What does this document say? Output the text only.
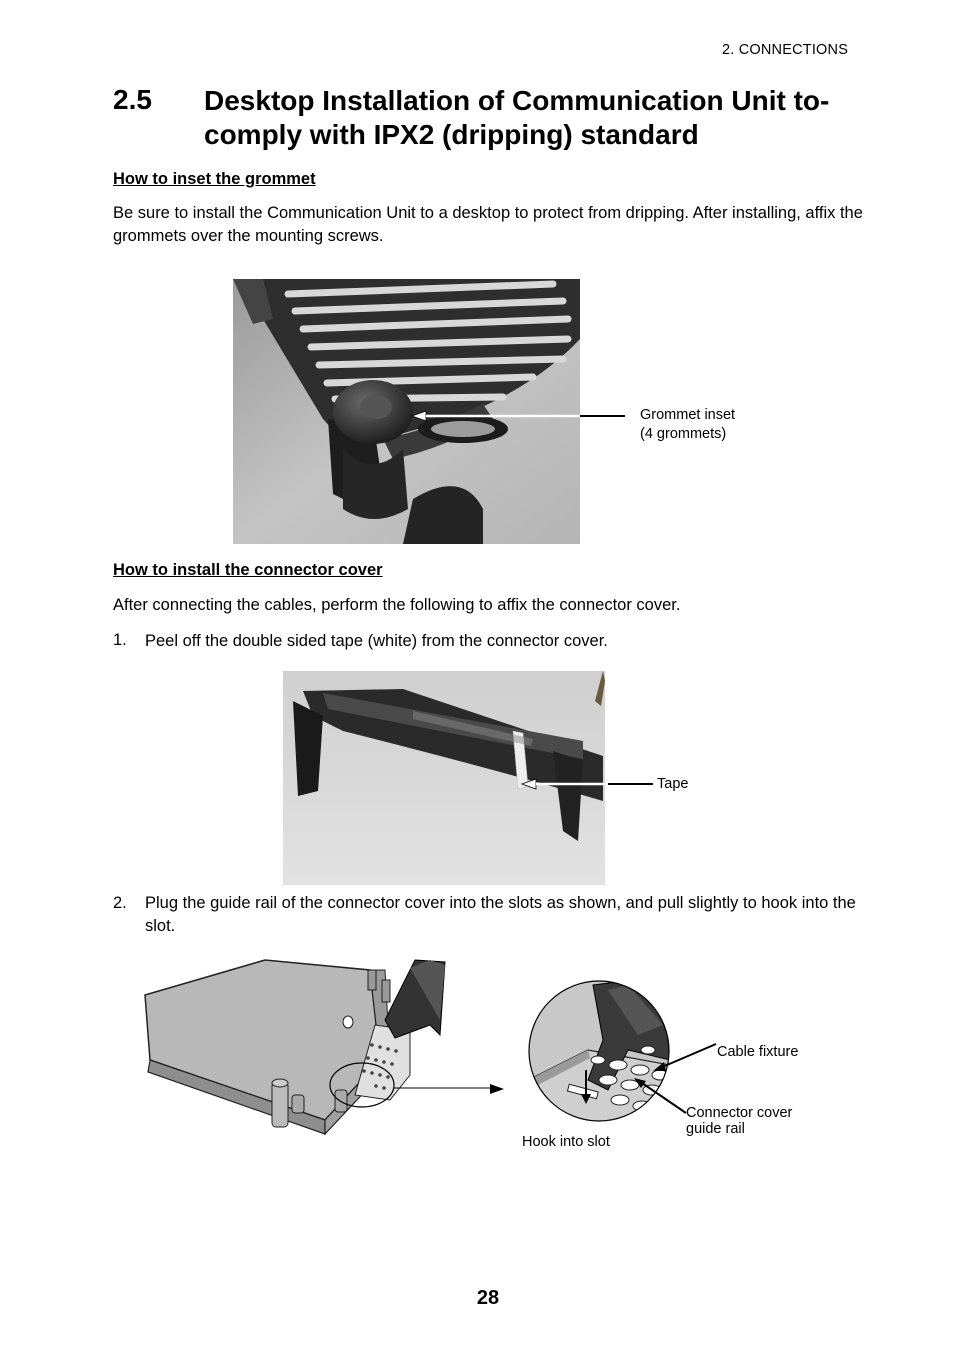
2. CONNECTIONS
2.5 Desktop Installation of Communication Unit to-comply with IPX2 (dripping) standard
How to inset the grommet
Be sure to install the Communication Unit to a desktop to protect from dripping. After installing, affix the grommets over the mounting screws.
Grommet inset
(4 grommets)
How to install the connector cover
After connecting the cables, perform the following to affix the connector cover.
1. Peel off the double sided tape (white) from the connector cover.
Tape
2. Plug the guide rail of the connector cover into the slots as shown, and pull slightly to hook into the slot.
Cable fixture
Connector cover
guide rail
Hook into slot
28
